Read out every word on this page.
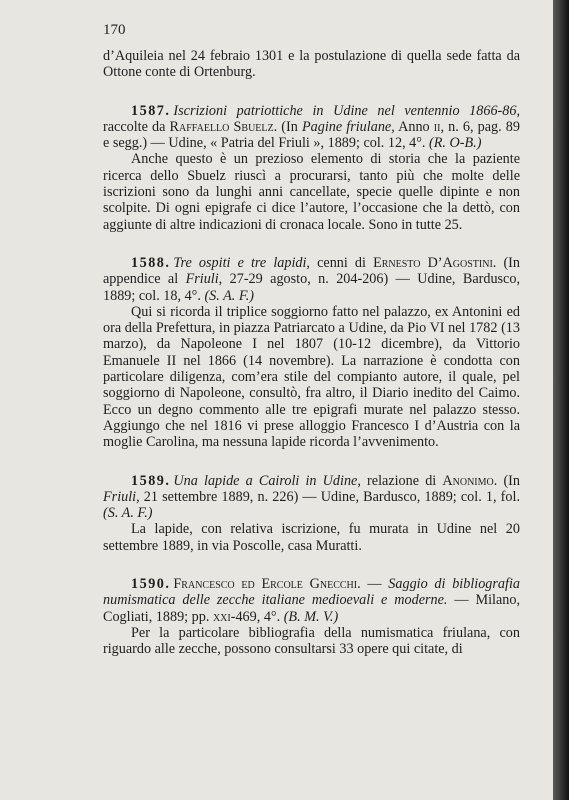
170

d’Aquileia nel 24 febraio 1301 e la postulazione di quella sede fatta da Ottone conte di Ortenburg.

1587. Iscrizioni patriottiche in Udine nel ventennio 1866-86, raccolte da Raffaello Sbuelz. (In Pagine friulane, Anno ii, n. 6, pag. 89 e segg.) — Udine, « Patria del Friuli », 1889; col. 12, 4°. (R. O-B.)

Anche questo è un prezioso elemento di storia che la paziente ricerca dello Sbuelz riuscì a procurarsi, tanto più che molte delle iscrizioni sono da lunghi anni cancellate, specie quelle dipinte e non scolpite. Di ogni epigrafe ci dice l’autore, l’occasione che la dettò, con aggiunte di altre indicazioni di cronaca locale. Sono in tutte 25.

1588. Tre ospiti e tre lapidi, cenni di Ernesto D’Agostini. (In appendice al Friuli, 27-29 agosto, n. 204-206) — Udine, Bardusco, 1889; col. 18, 4°. (S. A. F.)

Qui si ricorda il triplice soggiorno fatto nel palazzo, ex Antonini ed ora della Prefettura, in piazza Patriarcato a Udine, da Pio VI nel 1782 (13 marzo), da Napoleone I nel 1807 (10-12 dicembre), da Vittorio Emanuele II nel 1866 (14 novembre). La narrazione è condotta con particolare diligenza, com’era stile del compianto autore, il quale, pel soggiorno di Napoleone, consultò, fra altro, il Diario inedito del Caimo. Ecco un degno commento alle tre epigrafi murate nel palazzo stesso. Aggiungo che nel 1816 vi prese alloggio Francesco I d’Austria con la moglie Carolina, ma nessuna lapide ricorda l’avvenimento.

1589. Una lapide a Cairoli in Udine, relazione di Anonimo. (In Friuli, 21 settembre 1889, n. 226) — Udine, Bardusco, 1889; col. 1, fol. (S. A. F.)

La lapide, con relativa iscrizione, fu murata in Udine nel 20 settembre 1889, in via Poscolle, casa Muratti.

1590. Francesco ed Ercole Gnecchi. — Saggio di bibliografia numismatica delle zecche italiane medioevali e moderne. — Milano, Cogliati, 1889; pp. xxi-469, 4°. (B. M. V.)

Per la particolare bibliografia della numismatica friulana, con riguardo alle zecche, possono consultarsi 33 opere qui citate, di
